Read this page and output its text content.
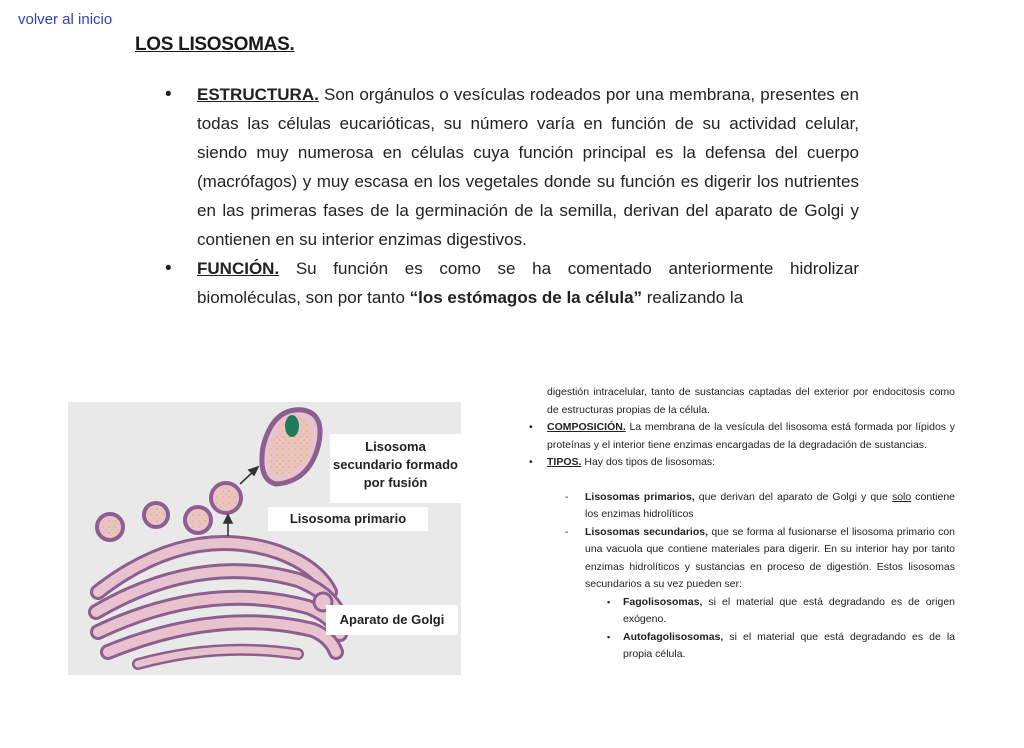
volver al inicio
LOS LISOSOMAS.
• ESTRUCTURA. Son orgánulos o vesículas rodeados por una membrana, presentes en todas las células eucarióticas, su número varía en función de su actividad celular, siendo muy numerosa en células cuya función principal es la defensa del cuerpo (macrófagos) y muy escasa en los vegetales donde su función es digerir los nutrientes en las primeras fases de la germinación de la semilla, derivan del aparato de Golgi y contienen en su interior enzimas digestivos.
• FUNCIÓN. Su función es como se ha comentado anteriormente hidrolizar biomoléculas, son por tanto “los estómagos de la célula” realizando la
Lisosoma secundario formado por fusión
Lisosoma primario
Aparato de Golgi

digestión intracelular, tanto de sustancias captadas del exterior por endocitosis como de estructuras propias de la célula.

• COMPOSICIÓN. La membrana de la vesícula del lisosoma está formada por lípidos y proteínas y el interior tiene enzimas encargadas de la degradación de sustancias.
• TIPOS. Hay dos tipos de lisosomas:
- Lisosomas primarios, que derivan del aparato de Golgi y que solo contiene los enzimas hidrolíticos
- Lisosomas secundarios, que se forma al fusionarse el lisosoma primario con una vacuola que contiene materiales para digerir. En su interior hay por tanto enzimas hidrolíticos y sustancias en proceso de digestión. Estos lisosomas secundarios a su vez pueden ser:
▪ Fagolisosomas, si el material que está degradando es de origen exógeno.
▪ Autofagolisosomas, si el material que está degradando es de la propia célula.
